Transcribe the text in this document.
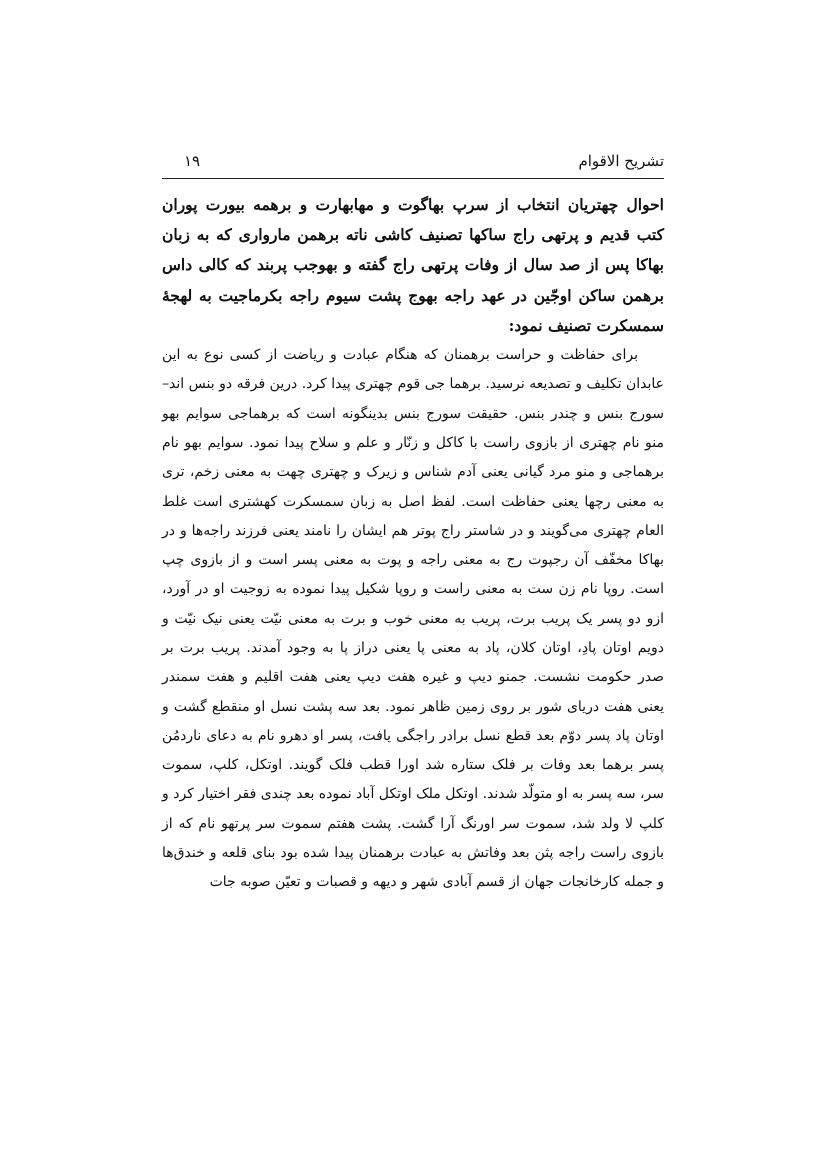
۱۹	تشریح الاقوام

احوال چهتریان انتخاب از سرپ بهاگوت و مهابهارت و برهمه بیورت پوران کتب قدیم و پرتهی راج ساکها تصنیف کاشی ناته برهمن ماروارى كه به زبان بهاکا پس از صد سال از وفات پرتهی راج گفته و بهوجب پربند که کالی داس برهمن ساکن اوجّین در عهد راجه بهوج پشت سیوم راجه بکرماجیت به لهجهٔ سمسکرت تصنیف نمود:

برای حفاظت و حراست برهمنان که هنگام عبادت و ریاضت از کسی نوع به این عابدان تکلیف و تصدیعه نرسید. برهما جی قوم چهتری پیدا کرد. درین فرقه دو بنس اند– سورج بنس و چندر بنس. حقیقت سورج بنس بدینگونه است که برهماجی سوایم بهو منو نام چهتری از بازوی راست با کاکل و زنّار و علم و سلاح پیدا نمود. سوایم بهو نام برهماجی و منو مرد گیانی یعنی آدم شناس و زیرک و چهتری چهت به معنی زخم، تری به معنی رچها یعنی حفاظت است. لفظ اصل به زبان سمسکرت کهشتری است غلط العام چهتری می‌گویند و در شاستر راج پوتر هم ایشان را نامند یعنی فرزند راجه‌ها و در بهاکا مخفّف آن رجپوت رج به معنی راجه و پوت به معنی پسر است و از بازوی چپ است. روپا نام زن ست به معنی راست و روپا شکیل پیدا نموده به زوجیت او در آورد، ازو دو پسر یک پریب برت، پریب به معنی خوب و برت به معنی نیّت یعنی نیک نیّت و دویم اوتان پادِ، اوتان کلان، پاد به معنی پا یعنی دراز پا به وجود آمدند. پریب برت بر صدر حکومت نشست. جمنو دیپ و غیره هفت دیپ یعنی هفت اقلیم و هفت سمندر یعنی هفت دریای شور بر روی زمین ظاهر نمود. بعد سه پشت نسل او منقطع گشت و اوتان پاد پسر دوّم بعد قطع نسل برادر راجگی یافت، پسر او دهرو نام به دعای ناردمُن پسر برهما بعد وفات بر فلک ستاره شد اورا قطب فلک گویند. اوتکل، کلپ، سموت سر، سه پسر به او متولّد شدند. اوتکل ملک اوتکل آباد نموده بعد چندی فقر اختیار کرد و کلپ لا ولد شد، سموت سر اورنگ آرا گشت. پشت هفتم سموت سر پرتهو نام که از بازوی راست راجه پثن بعد وفاتش به عبادت برهمنان پیدا شده بود بنای قلعه و خندق‌ها و جمله کارخانجات جهان از قسم آبادی شهر و دیهه و قصبات و تعیّن صوبه جات
